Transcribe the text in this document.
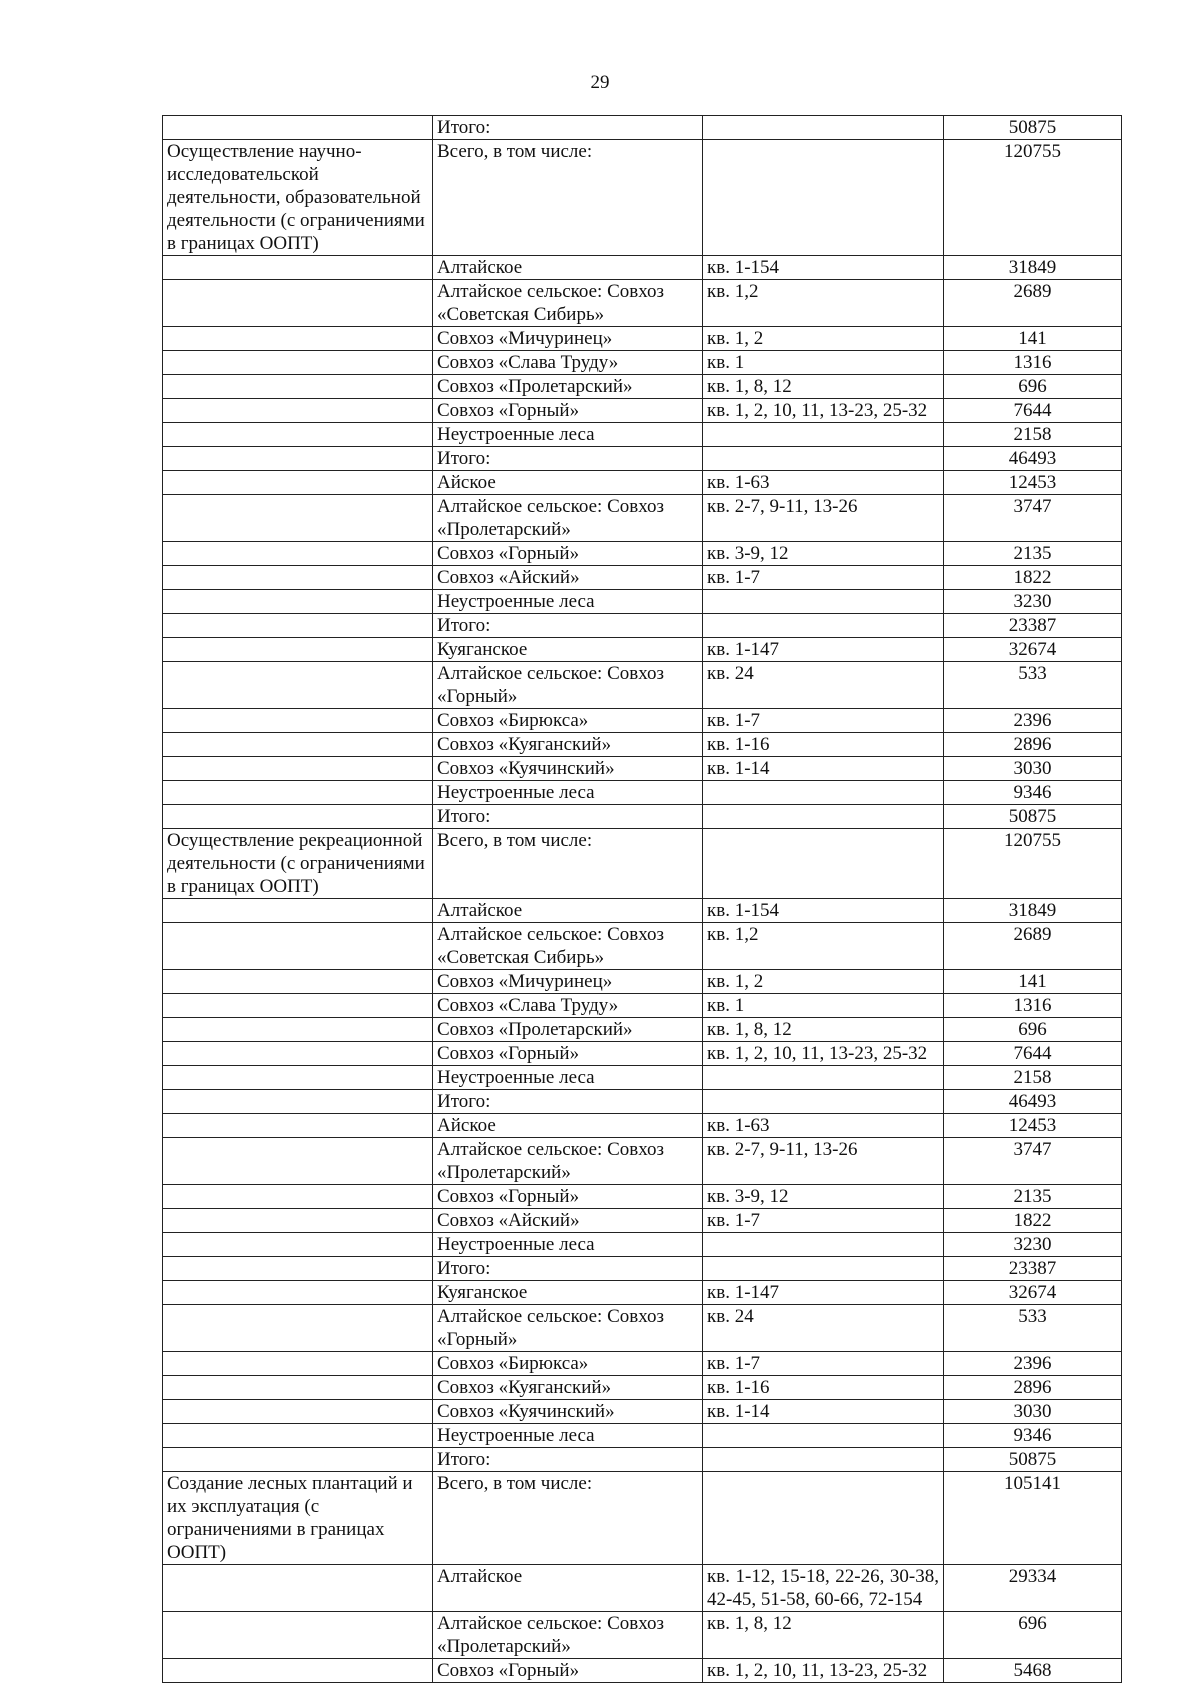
29
	Итого:		50875
Осуществление научно-исследовательской деятельности, образовательной деятельности (с ограничениями в границах ООПТ)	Всего, в том числе:		120755
	Алтайское	кв. 1-154	31849
	Алтайское сельское: Совхоз «Советская Сибирь»	кв. 1,2	2689
	Совхоз «Мичуринец»	кв. 1, 2	141
	Совхоз «Слава Труду»	кв. 1	1316
	Совхоз «Пролетарский»	кв. 1, 8, 12	696
	Совхоз «Горный»	кв. 1, 2, 10, 11, 13-23, 25-32	7644
	Неустроенные леса		2158
	Итого:		46493
	Айское	кв. 1-63	12453
	Алтайское сельское: Совхоз «Пролетарский»	кв. 2-7, 9-11, 13-26	3747
	Совхоз «Горный»	кв. 3-9, 12	2135
	Совхоз «Айский»	кв. 1-7	1822
	Неустроенные леса		3230
	Итого:		23387
	Куяганское	кв. 1-147	32674
	Алтайское сельское: Совхоз «Горный»	кв. 24	533
	Совхоз «Бирюкса»	кв. 1-7	2396
	Совхоз «Куяганский»	кв. 1-16	2896
	Совхоз «Куячинский»	кв. 1-14	3030
	Неустроенные леса		9346
	Итого:		50875
Осуществление рекреационной деятельности (с ограничениями в границах ООПТ)	Всего, в том числе:		120755
	Алтайское	кв. 1-154	31849
	Алтайское сельское: Совхоз «Советская Сибирь»	кв. 1,2	2689
	Совхоз «Мичуринец»	кв. 1, 2	141
	Совхоз «Слава Труду»	кв. 1	1316
	Совхоз «Пролетарский»	кв. 1, 8, 12	696
	Совхоз «Горный»	кв. 1, 2, 10, 11, 13-23, 25-32	7644
	Неустроенные леса		2158
	Итого:		46493
	Айское	кв. 1-63	12453
	Алтайское сельское: Совхоз «Пролетарский»	кв. 2-7, 9-11, 13-26	3747
	Совхоз «Горный»	кв. 3-9, 12	2135
	Совхоз «Айский»	кв. 1-7	1822
	Неустроенные леса		3230
	Итого:		23387
	Куяганское	кв. 1-147	32674
	Алтайское сельское: Совхоз «Горный»	кв. 24	533
	Совхоз «Бирюкса»	кв. 1-7	2396
	Совхоз «Куяганский»	кв. 1-16	2896
	Совхоз «Куячинский»	кв. 1-14	3030
	Неустроенные леса		9346
	Итого:		50875
Создание лесных плантаций и их эксплуатация (с ограничениями в границах ООПТ)	Всего, в том числе:		105141
	Алтайское	кв. 1-12, 15-18, 22-26, 30-38, 42-45, 51-58, 60-66, 72-154	29334
	Алтайское сельское: Совхоз «Пролетарский»	кв. 1, 8, 12	696
	Совхоз «Горный»	кв. 1, 2, 10, 11, 13-23, 25-32	5468
